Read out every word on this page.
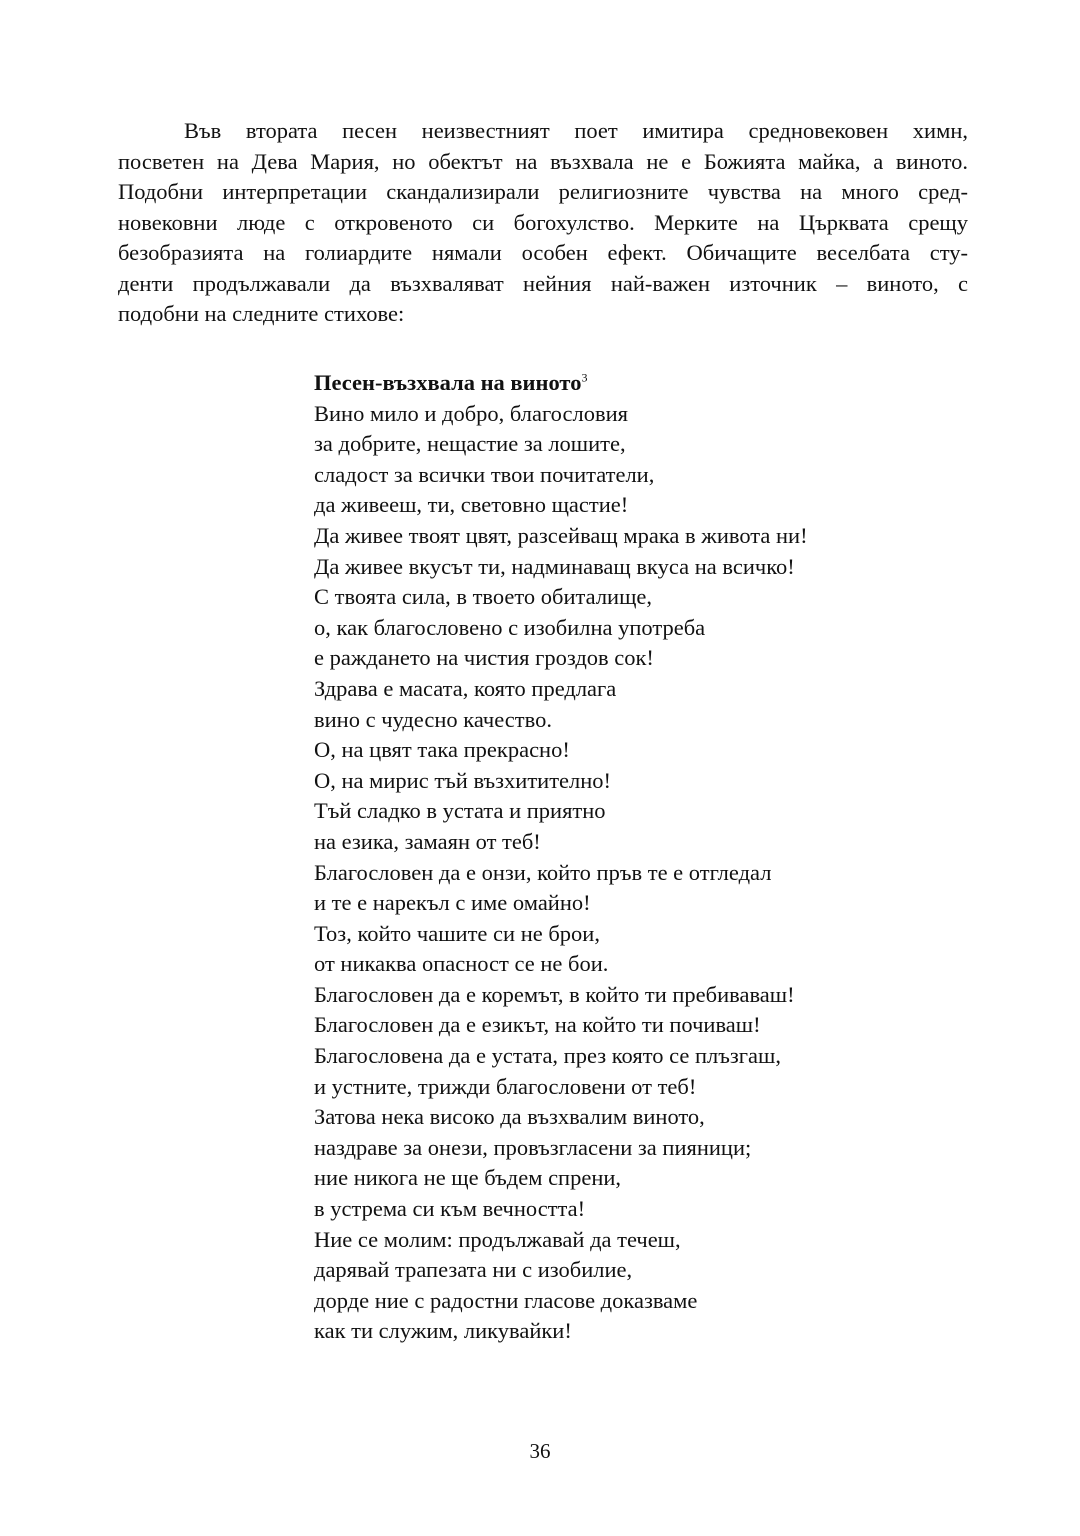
Във втората песен неизвестният поет имитира средновековен химн,
посветен на Дева Мария, но обектът на възхвала не е Божията майка, а виното.
Подобни интерпретации скандализирали религиозните чувства на много сред-
новековни люде с откровеното си богохулство. Мерките на Църквата срещу
безобразията на голиардите нямали особен ефект. Обичащите веселбата сту-
денти продължавали да възхваляват нейния най-важен източник – виното, с
подобни на следните стихове:
Песен-възхвала на виното$^3$
Вино мило и добро, благословия
за добрите, нещастие за лошите,
сладост за всички твои почитатели,
да живееш, ти, световно щастие!
Да живее твоят цвят, разсейващ мрака в живота ни!
Да живее вкусът ти, надминаващ вкуса на всичко!
С твоята сила, в твоето обиталище,
о, как благословено с изобилна употреба
е раждането на чистия гроздов сок!
Здрава е масата, която предлага
вино с чудесно качество.
О, на цвят така прекрасно!
О, на мирис тъй възхитително!
Тъй сладко в устата и приятно
на езика, замаян от теб!
Благословен да е онзи, който пръв те е отгледал
и те е нарекъл с име омайно!
Тоз, който чашите си не брои,
от никаква опасност се не бои.
Благословен да е коремът, в който ти пребиваваш!
Благословен да е езикът, на който ти почиваш!
Благословена да е устата, през която се плъзгаш,
и устните, трижди благословени от теб!
Затова нека високо да възхвалим виното,
наздраве за онези, провъзгласени за пияници;
ние никога не ще бъдем спрени,
в устрема си към вечността!
Ние се молим: продължавай да течеш,
дарявай трапезата ни с изобилие,
дорде ние с радостни гласове доказваме
как ти служим, ликувайки!
36
